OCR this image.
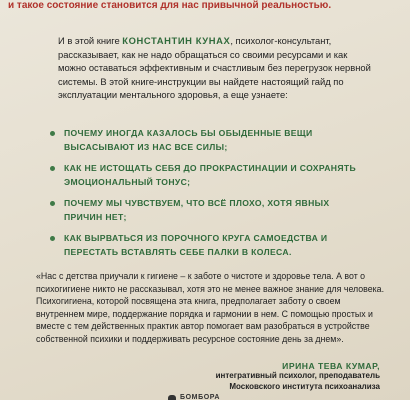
и такое состояние становится для нас привычной реальностью.

И в этой книге КОНСТАНТИН КУНАХ, психолог-консультант, рассказывает, как не надо обращаться со своими ресурсами и как можно оставаться эффективным и счастливым без перегрузок нервной системы. В этой книге-инструкции вы найдете настоящий гайд по эксплуатации ментального здоровья, а еще узнаете:

ПОЧЕМУ ИНОГДА КАЗАЛОСЬ БЫ ОБЫДЕННЫЕ ВЕЩИ ВЫСАСЫВАЮТ ИЗ НАС ВСЕ СИЛЫ;
КАК НЕ ИСТОЩАТЬ СЕБЯ ДО ПРОКРАСТИНАЦИИ И СОХРАНЯТЬ ЭМОЦИОНАЛЬНЫЙ ТОНУС;
ПОЧЕМУ МЫ ЧУВСТВУЕМ, ЧТО ВСЁ ПЛОХО, ХОТЯ ЯВНЫХ ПРИЧИН НЕТ;
КАК ВЫРВАТЬСЯ ИЗ ПОРОЧНОГО КРУГА САМОЕДСТВА И ПЕРЕСТАТЬ ВСТАВЛЯТЬ СЕБЕ ПАЛКИ В КОЛЕСА.

«Нас с детства приучали к гигиене – к заботе о чистоте и здоровье тела. А вот о психогигиене никто не рассказывал, хотя это не менее важное знание для человека. Психогигиена, которой посвящена эта книга, предполагает заботу о своем внутреннем мире, поддержание порядка и гармонии в нем. С помощью простых и вместе с тем действенных практик автор помогает вам разобраться в устройстве собственной психики и поддерживать ресурсное состояние день за днем».

ИРИНА ТЕВА КУМАР,
интегративный психолог, преподаватель
Московского института психоанализа
БОМБОРА
